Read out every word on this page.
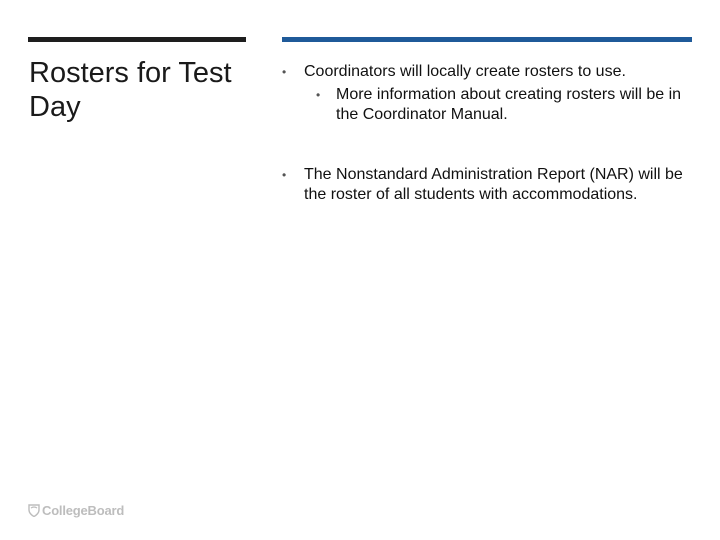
Rosters for Test Day

• Coordinators will locally create rosters to use.

• More information about creating rosters will be in the Coordinator Manual.

• The Nonstandard Administration Report (NAR) will be the roster of all students with accommodations.

CollegeBoard
